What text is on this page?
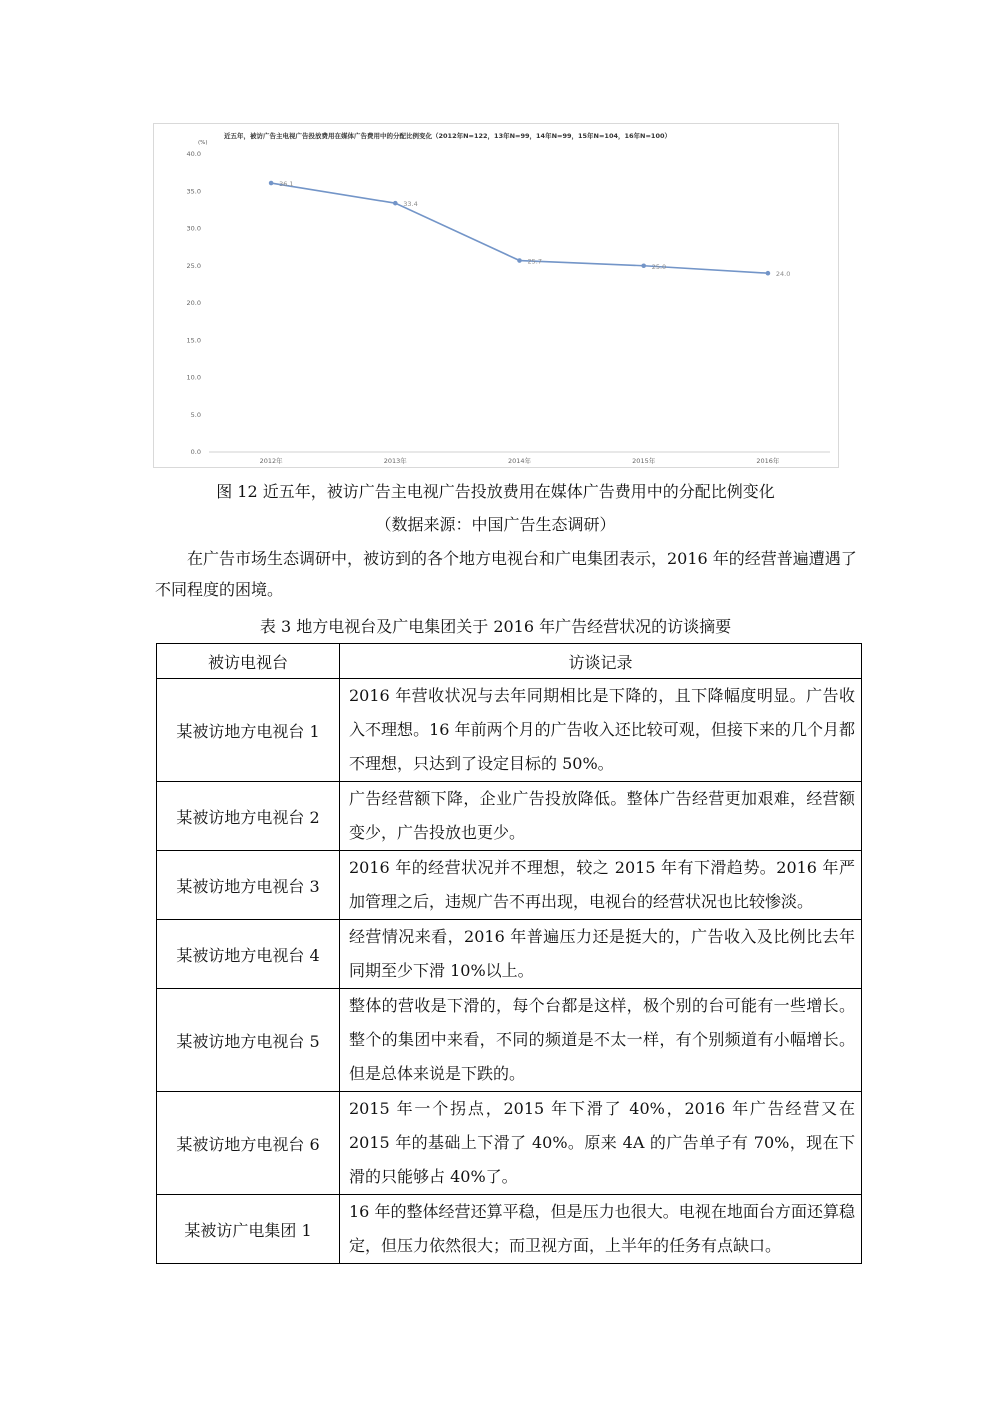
近五年，被访广告主电视广告投放费用在媒体广告费用中的分配比例变化（2012年N=122，13年N=99，14年N=99，15年N=104，16年N=100）
(%)
0.0
5.0
10.0
15.0
20.0
25.0
30.0
35.0
40.0
2012年	2013年	2014年	2015年	2016年
36.1
33.4
25.7
25.0
24.0
图 12 近五年，被访广告主电视广告投放费用在媒体广告费用中的分配比例变化
（数据来源：中国广告生态调研）

在广告市场生态调研中，被访到的各个地方电视台和广电集团表示，2016 年的经营普遍遭遇了不同程度的困境。

表 3 地方电视台及广电集团关于 2016 年广告经营状况的访谈摘要
被访电视台	访谈记录
某被访地方电视台 1	2016 年营收状况与去年同期相比是下降的，且下降幅度明显。广告收入不理想。16 年前两个月的广告收入还比较可观，但接下来的几个月都不理想，只达到了设定目标的 50%。
某被访地方电视台 2	广告经营额下降，企业广告投放降低。整体广告经营更加艰难，经营额变少，广告投放也更少。
某被访地方电视台 3	2016 年的经营状况并不理想，较之 2015 年有下滑趋势。2016 年严加管理之后，违规广告不再出现，电视台的经营状况也比较惨淡。
某被访地方电视台 4	经营情况来看，2016 年普遍压力还是挺大的，广告收入及比例比去年同期至少下滑 10%以上。
某被访地方电视台 5	整体的营收是下滑的，每个台都是这样，极个别的台可能有一些增长。整个的集团中来看，不同的频道是不太一样，有个别频道有小幅增长。但是总体来说是下跌的。
某被访地方电视台 6	2015 年一个拐点，2015 年下滑了 40%，2016 年广告经营又在 2015 年的基础上下滑了 40%。原来 4A 的广告单子有 70%，现在下滑的只能够占 40%了。
某被访广电集团 1	16 年的整体经营还算平稳，但是压力也很大。电视在地面台方面还算稳定，但压力依然很大；而卫视方面，上半年的任务有点缺口。
